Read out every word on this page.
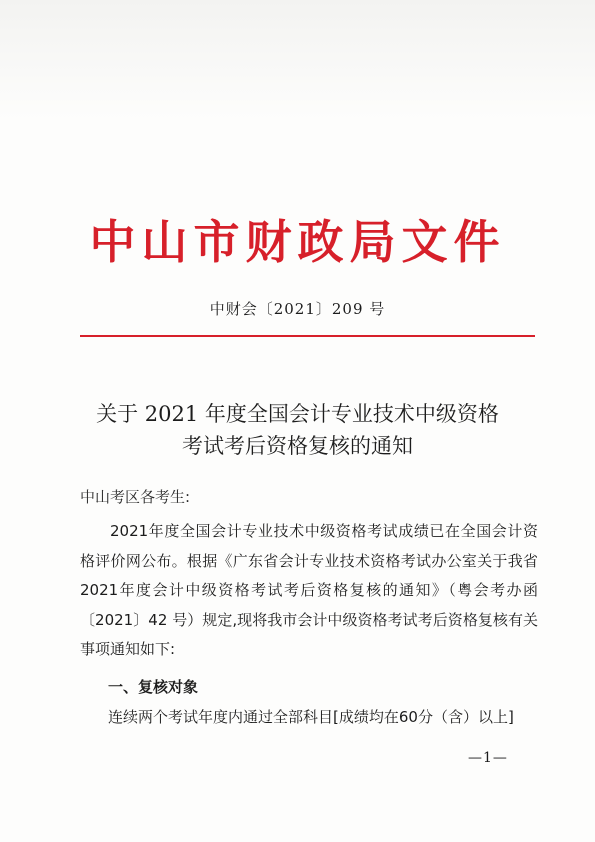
中山市财政局文件
中财会〔2021〕209 号
关于 2021 年度全国会计专业技术中级资格
考试考后资格复核的通知
中山考区各考生:
2021年度全国会计专业技术中级资格考试成绩已在全国会计资格评价网公布。根据《广东省会计专业技术资格考试办公室关于我省2021年度会计中级资格考试考后资格复核的通知》（粤会考办函〔2021〕42 号）规定,现将我市会计中级资格考试考后资格复核有关事项通知如下:
一、复核对象
连续两个考试年度内通过全部科目[成绩均在60分（含）以上]
—1—
